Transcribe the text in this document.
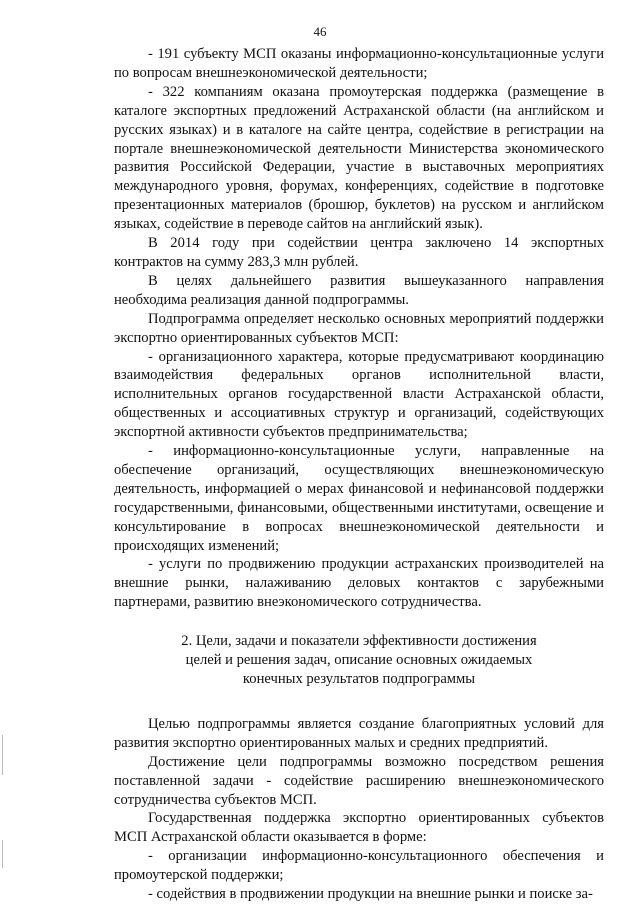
46

- 191 субъекту МСП оказаны информационно-консультационные услуги по вопросам внешнеэкономической деятельности;

- 322 компаниям оказана промоутерская поддержка (размещение в каталоге экспортных предложений Астраханской области (на английском и русских языках) и в каталоге на сайте центра, содействие в регистрации на портале внешнеэкономической деятельности Министерства экономического развития Российской Федерации, участие в выставочных мероприятиях международного уровня, форумах, конференциях, содействие в подготовке презентационных материалов (брошюр, буклетов) на русском и английском языках, содействие в переводе сайтов на английский язык).

В 2014 году при содействии центра заключено 14 экспортных контрактов на сумму 283,3 млн рублей.

В целях дальнейшего развития вышеуказанного направления необходима реализация данной подпрограммы.

Подпрограмма определяет несколько основных мероприятий поддержки экспортно ориентированных субъектов МСП:

- организационного характера, которые предусматривают координацию взаимодействия федеральных органов исполнительной власти, исполнительных органов государственной власти Астраханской области, общественных и ассоциативных структур и организаций, содействующих экспортной активности субъектов предпринимательства;

- информационно-консультационные услуги, направленные на обеспечение организаций, осуществляющих внешнеэкономическую деятельность, информацией о мерах финансовой и нефинансовой поддержки государственными, финансовыми, общественными институтами, освещение и консультирование в вопросах внешнеэкономической деятельности и происходящих изменений;

- услуги по продвижению продукции астраханских производителей на внешние рынки, налаживанию деловых контактов с зарубежными партнерами, развитию внеэкономического сотрудничества.

2. Цели, задачи и показатели эффективности достижения
целей и решения задач, описание основных ожидаемых
конечных результатов подпрограммы

Целью подпрограммы является создание благоприятных условий для развития экспортно ориентированных малых и средних предприятий.

Достижение цели подпрограммы возможно посредством решения поставленной задачи - содействие расширению внешнеэкономического сотрудничества субъектов МСП.

Государственная поддержка экспортно ориентированных субъектов МСП Астраханской области оказывается в форме:

- организации информационно-консультационного обеспечения и промоутерской поддержки;

- содействия в продвижении продукции на внешние рынки и поиске за-
